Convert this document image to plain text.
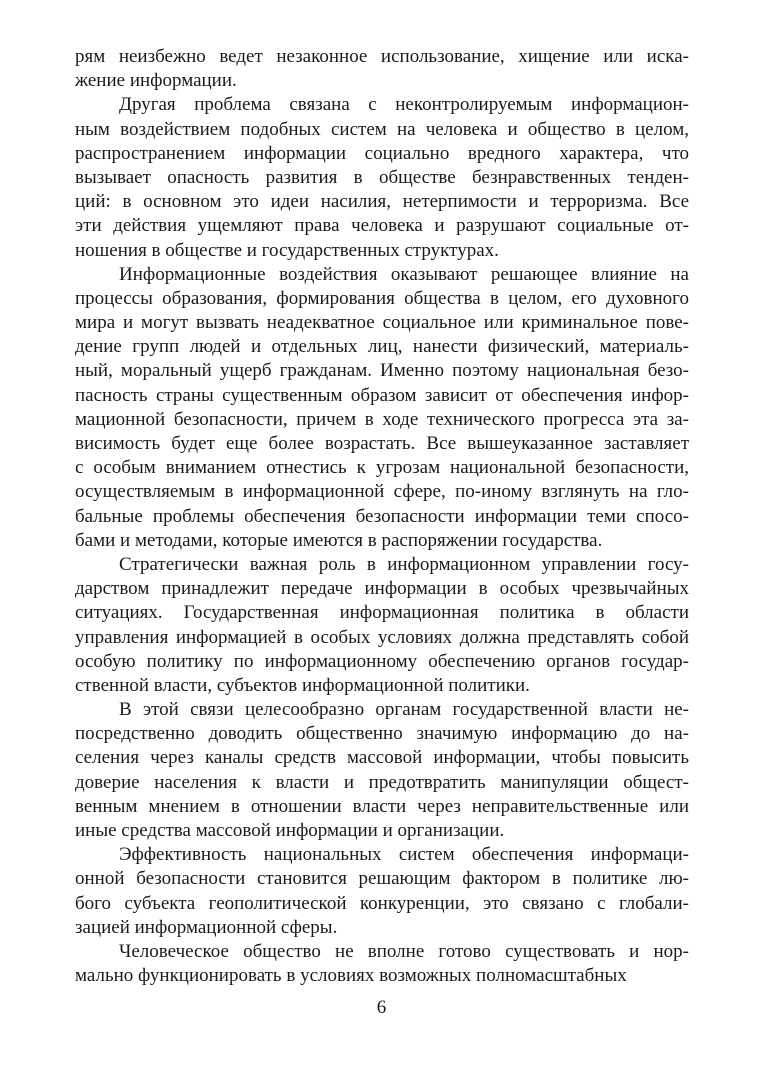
рям неизбежно ведет незаконное использование, хищение или иска-
жение информации.
Другая проблема связана с неконтролируемым информацион-
ным воздействием подобных систем на человека и общество в целом,
распространением информации социально вредного характера, что
вызывает опасность развития в обществе безнравственных тенден-
ций: в основном это идеи насилия, нетерпимости и терроризма. Все
эти действия ущемляют права человека и разрушают социальные от-
ношения в обществе и государственных структурах.
Информационные воздействия оказывают решающее влияние на
процессы образования, формирования общества в целом, его духовного
мира и могут вызвать неадекватное социальное или криминальное пове-
дение групп людей и отдельных лиц, нанести физический, материаль-
ный, моральный ущерб гражданам. Именно поэтому национальная безо-
пасность страны существенным образом зависит от обеспечения инфор-
мационной безопасности, причем в ходе технического прогресса эта за-
висимость будет еще более возрастать. Все вышеуказанное заставляет
с особым вниманием отнестись к угрозам национальной безопасности,
осуществляемым в информационной сфере, по-иному взглянуть на гло-
бальные проблемы обеспечения безопасности информации теми спосо-
бами и методами, которые имеются в распоряжении государства.
Стратегически важная роль в информационном управлении госу-
дарством принадлежит передаче информации в особых чрезвычайных
ситуациях. Государственная информационная политика в области
управления информацией в особых условиях должна представлять собой
особую политику по информационному обеспечению органов государ-
ственной власти, субъектов информационной политики.
В этой связи целесообразно органам государственной власти не-
посредственно доводить общественно значимую информацию до на-
селения через каналы средств массовой информации, чтобы повысить
доверие населения к власти и предотвратить манипуляции общест-
венным мнением в отношении власти через неправительственные или
иные средства массовой информации и организации.
Эффективность национальных систем обеспечения информаци-
онной безопасности становится решающим фактором в политике лю-
бого субъекта геополитической конкуренции, это связано с глобали-
зацией информационной сферы.
Человеческое общество не вполне готово существовать и нор-
мально функционировать в условиях возможных полномасштабных
6
